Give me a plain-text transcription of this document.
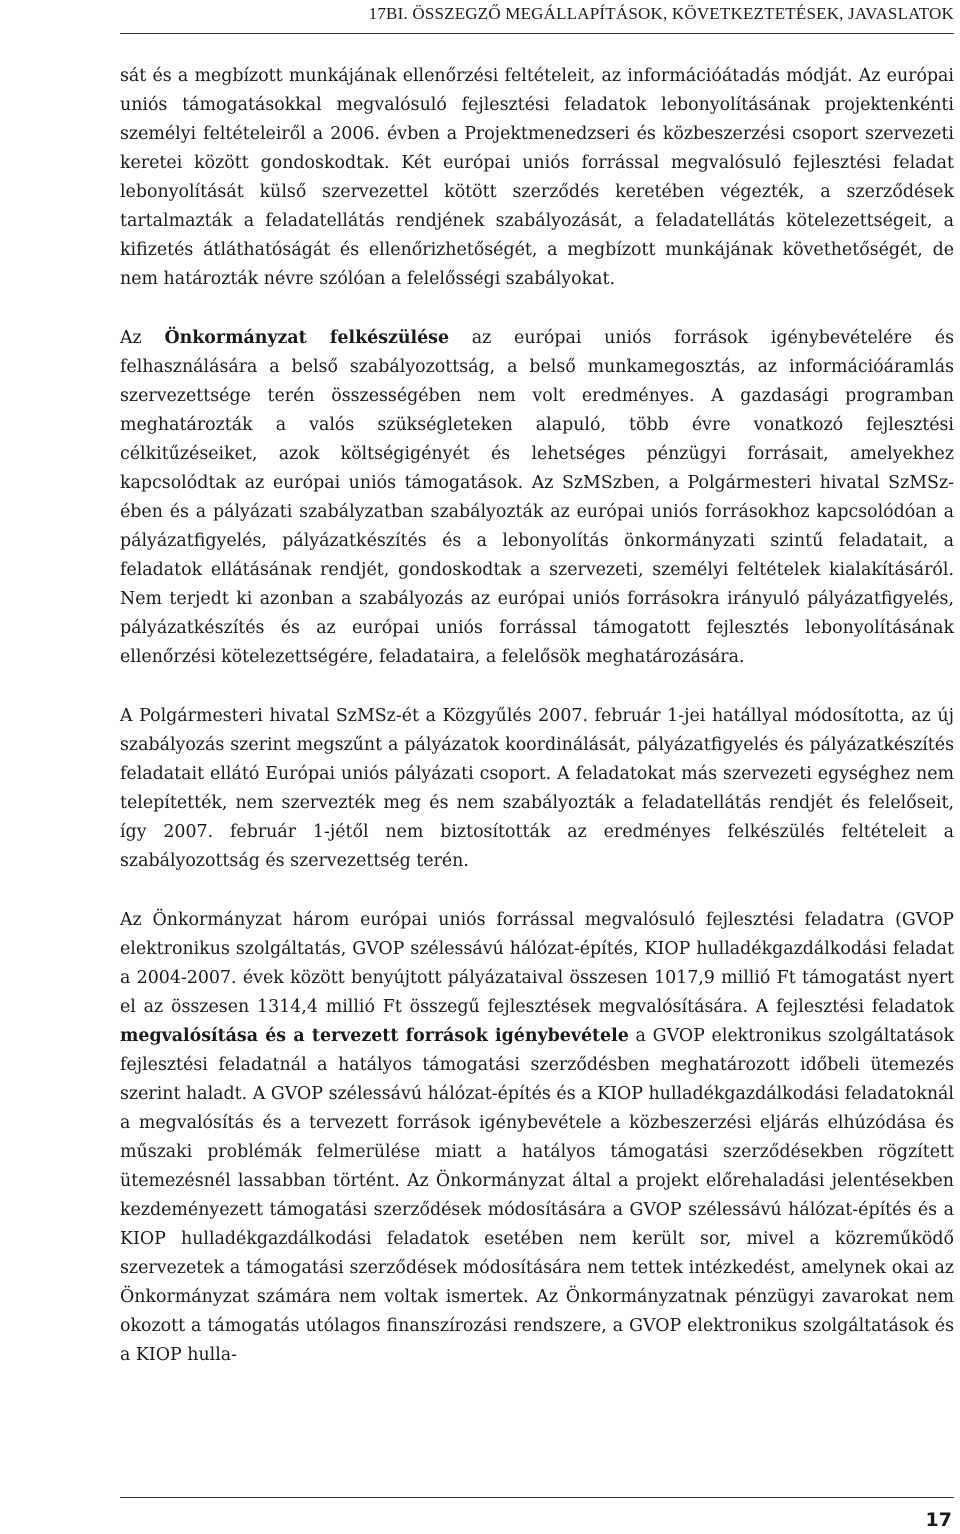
17BI. ÖSSZEGZŐ MEGÁLLAPÍTÁSOK, KÖVETKEZTETÉSEK, JAVASLATOK

sát és a megbízott munkájának ellenőrzési feltételeit, az információátadás módját. Az európai uniós támogatásokkal megvalósuló fejlesztési feladatok lebonyolításának projektenkénti személyi feltételeiről a 2006. évben a Projektmenedzseri és közbeszerzési csoport szervezeti keretei között gondoskodtak. Két európai uniós forrással megvalósuló fejlesztési feladat lebonyolítását külső szervezettel kötött szerződés keretében végezték, a szerződések tartalmazták a feladatellátás rendjének szabályozását, a feladatellátás kötelezettségeit, a kifizetés átláthatóságát és ellenőrizhetőségét, a megbízott munkájának követhetőségét, de nem határozták névre szólóan a felelősségi szabályokat.

Az Önkormányzat felkészülése az európai uniós források igénybevételére és felhasználására a belső szabályozottság, a belső munkamegosztás, az információáramlás szervezettsége terén összességében nem volt eredményes. A gazdasági programban meghatározták a valós szükségleteken alapuló, több évre vonatkozó fejlesztési célkitűzéseiket, azok költségigényét és lehetséges pénzügyi forrásait, amelyekhez kapcsolódtak az európai uniós támogatások. Az SzMSzben, a Polgármesteri hivatal SzMSz-ében és a pályázati szabályzatban szabályozták az európai uniós forrásokhoz kapcsolódóan a pályázatfigyelés, pályázatkészítés és a lebonyolítás önkormányzati szintű feladatait, a feladatok ellátásának rendjét, gondoskodtak a szervezeti, személyi feltételek kialakításáról. Nem terjedt ki azonban a szabályozás az európai uniós forrásokra irányuló pályázatfigyelés, pályázatkészítés és az európai uniós forrással támogatott fejlesztés lebonyolításának ellenőrzési kötelezettségére, feladataira, a felelősök meghatározására.

A Polgármesteri hivatal SzMSz-ét a Közgyűlés 2007. február 1-jei hatállyal módosította, az új szabályozás szerint megszűnt a pályázatok koordinálását, pályázatfigyelés és pályázatkészítés feladatait ellátó Európai uniós pályázati csoport. A feladatokat más szervezeti egységhez nem telepítették, nem szervezték meg és nem szabályozták a feladatellátás rendjét és felelőseit, így 2007. február 1-jétől nem biztosították az eredményes felkészülés feltételeit a szabályozottság és szervezettség terén.

Az Önkormányzat három európai uniós forrással megvalósuló fejlesztési feladatra (GVOP elektronikus szolgáltatás, GVOP szélessávú hálózat-építés, KIOP hulladékgazdálkodási feladat a 2004-2007. évek között benyújtott pályázataival összesen 1017,9 millió Ft támogatást nyert el az összesen 1314,4 millió Ft összegű fejlesztések megvalósítására. A fejlesztési feladatok megvalósítása és a tervezett források igénybevétele a GVOP elektronikus szolgáltatások fejlesztési feladatnál a hatályos támogatási szerződésben meghatározott időbeli ütemezés szerint haladt. A GVOP szélessávú hálózat-építés és a KIOP hulladékgazdálkodási feladatoknál a megvalósítás és a tervezett források igénybevétele a közbeszerzési eljárás elhúzódása és műszaki problémák felmerülése miatt a hatályos támogatási szerződésekben rögzített ütemezésnél lassabban történt. Az Önkormányzat által a projekt előrehaladási jelentésekben kezdeményezett támogatási szerződések módosítására a GVOP szélessávú hálózat-építés és a KIOP hulladékgazdálkodási feladatok esetében nem került sor, mivel a közreműködő szervezetek a támogatási szerződések módosítására nem tettek intézkedést, amelynek okai az Önkormányzat számára nem voltak ismertek. Az Önkormányzatnak pénzügyi zavarokat nem okozott a támogatás utólagos finanszírozási rendszere, a GVOP elektronikus szolgáltatások és a KIOP hulla-

17
